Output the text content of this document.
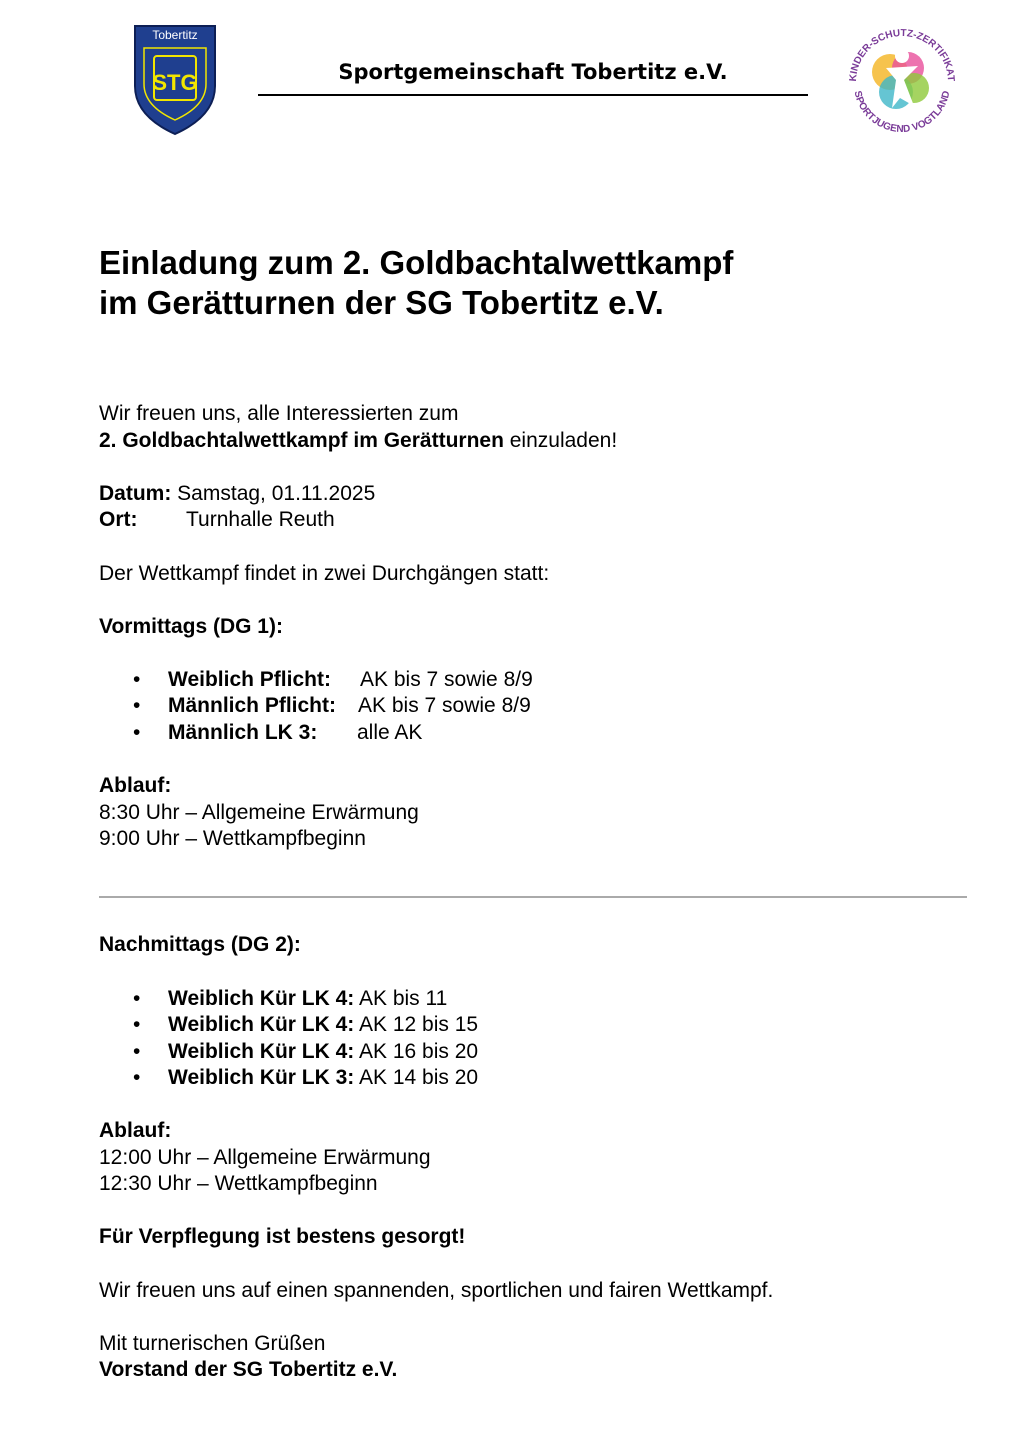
Tobertitz
STG	Sportgemeinschaft Tobertitz e.V.	KINDER-SCHUTZ-ZERTIFIKAT
SPORTJUGEND VOGTLAND
Einladung zum 2. Goldbachtalwettkampf
im Gerätturnen der SG Tobertitz e.V.
Wir freuen uns, alle Interessierten zum
2. Goldbachtalwettkampf im Gerätturnen einzuladen!
Datum: Samstag, 01.11.2025
Ort: Turnhalle Reuth
Der Wettkampf findet in zwei Durchgängen statt:
Vormittags (DG 1):
• Weiblich Pflicht: AK bis 7 sowie 8/9
• Männlich Pflicht: AK bis 7 sowie 8/9
• Männlich LK 3: alle AK
Ablauf:
8:30 Uhr – Allgemeine Erwärmung
9:00 Uhr – Wettkampfbeginn
Nachmittags (DG 2):
• Weiblich Kür LK 4: AK bis 11
• Weiblich Kür LK 4: AK 12 bis 15
• Weiblich Kür LK 4: AK 16 bis 20
• Weiblich Kür LK 3: AK 14 bis 20
Ablauf:
12:00 Uhr – Allgemeine Erwärmung
12:30 Uhr – Wettkampfbeginn
Für Verpflegung ist bestens gesorgt!
Wir freuen uns auf einen spannenden, sportlichen und fairen Wettkampf.
Mit turnerischen Grüßen
Vorstand der SG Tobertitz e.V.
